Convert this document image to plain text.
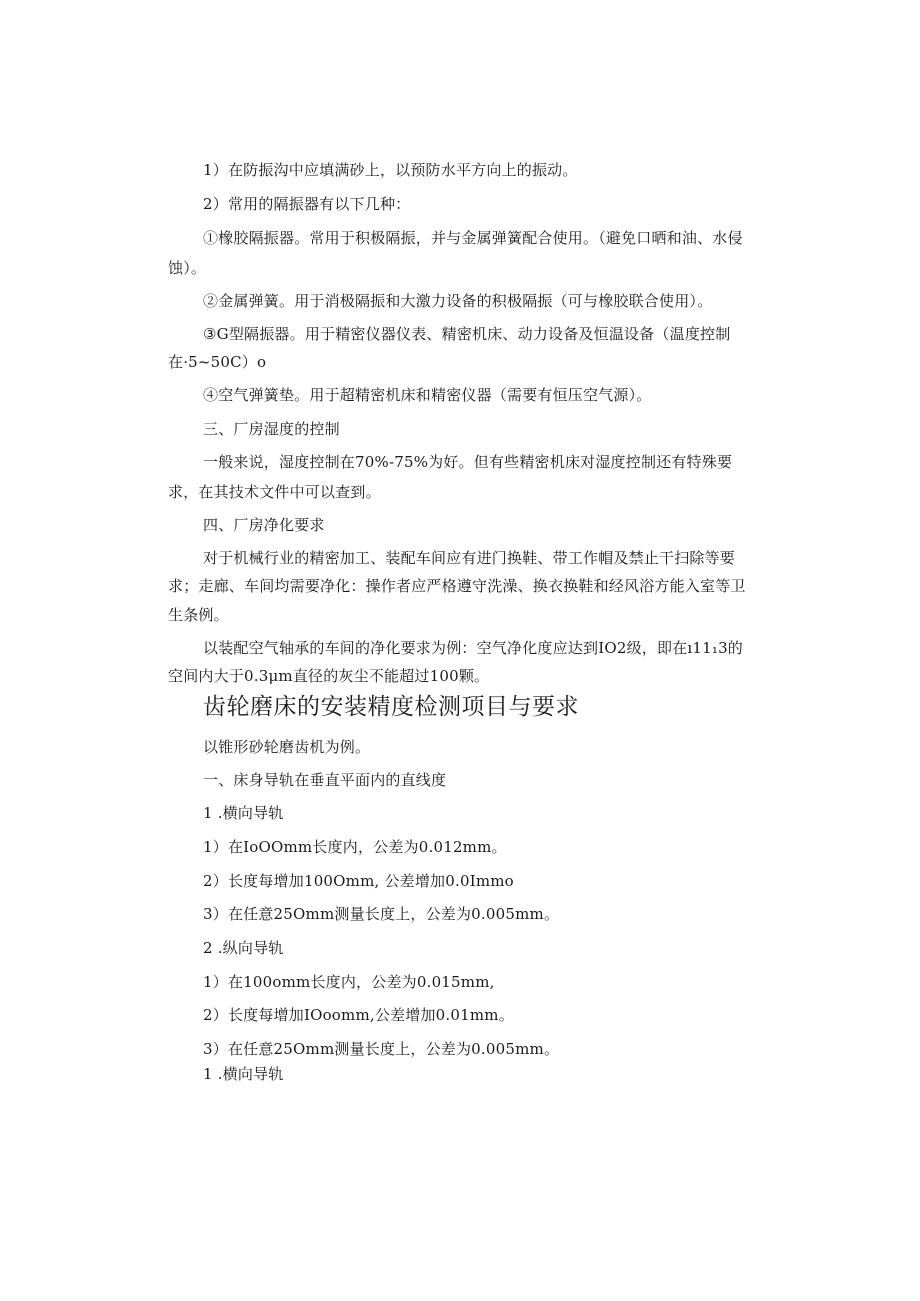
1）在防振沟中应填满砂上，以预防水平方向上的振动。
2）常用的隔振器有以下几种：
①橡胶隔振器。常用于积极隔振，并与金属弹簧配合使用。（避免口晒和油、水侵
蚀）。
②金属弹簧。用于消极隔振和大激力设备的积极隔振（可与橡胶联合使用）。
③G型隔振器。用于精密仪器仪表、精密机床、动力设备及恒温设备（温度控制
在·5~50C）o
④空气弹簧垫。用于超精密机床和精密仪器（需要有恒压空气源）。
三、厂房湿度的控制
一般来说，湿度控制在70%-75%为好。但有些精密机床对湿度控制还有特殊要
求，在其技术文件中可以查到。
四、厂房净化要求
对于机械行业的精密加工、装配车间应有进门换鞋、带工作帽及禁止干扫除等要
求；走廊、车间均需要净化：操作者应严格遵守洗澡、换衣换鞋和经风浴方能入室等卫
生条例。
以装配空气轴承的车间的净化要求为例：空气净化度应达到IO2级，即在ı11₁3的
空间内大于0.3μm直径的灰尘不能超过100颗。
齿轮磨床的安装精度检测项目与要求
以锥形砂轮磨齿机为例。
一、床身导轨在垂直平面内的直线度
1 .横向导轨
1）在IoOOmm长度内，公差为0.012mm。
2）长度每增加100Omm, 公差增加0.0Immo
3）在任意25Omm测量长度上，公差为0.005mm。
2 .纵向导轨
1）在100omm长度内，公差为0.015mm,
2）长度每增加IOoomm,公差增加0.01mm。
3）在任意25Omm测量长度上，公差为0.005mm。
1 .横向导轨
